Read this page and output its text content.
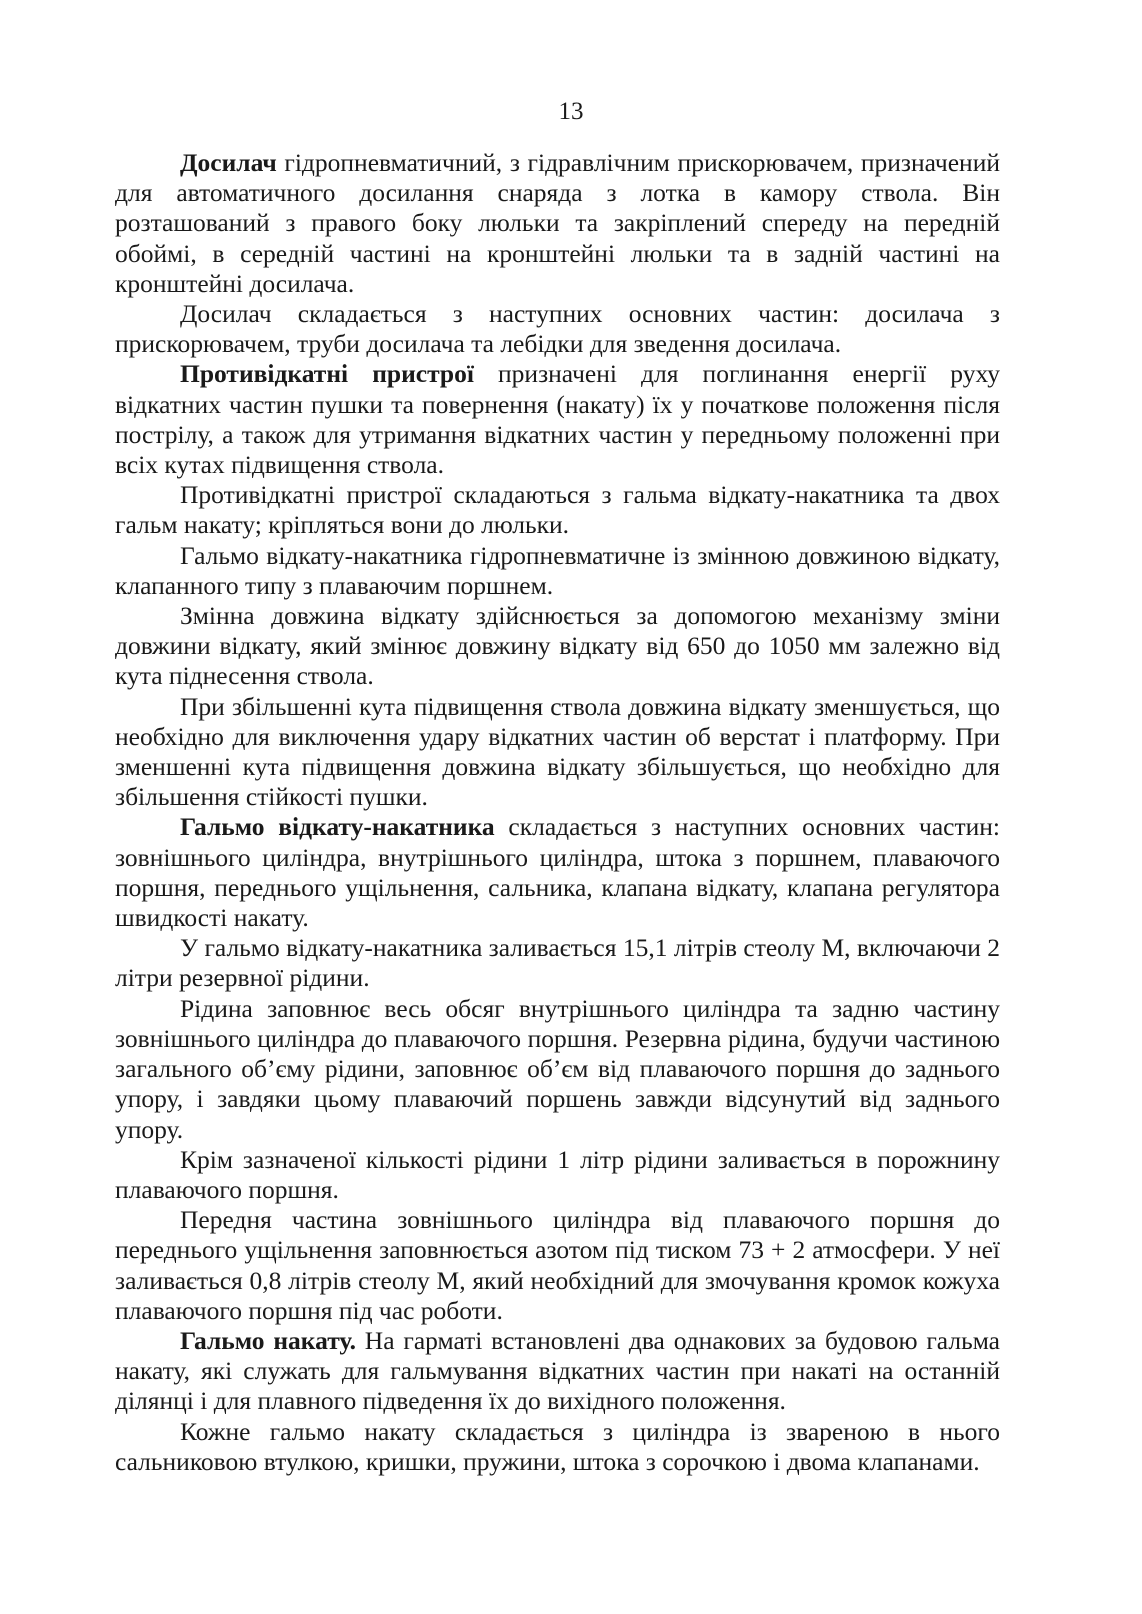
13

Досилач гідропневматичний, з гідравлічним прискорювачем, призначений для автоматичного досилання снаряда з лотка в камору ствола. Він розташований з правого боку люльки та закріплений спереду на передній обоймі, в середній частині на кронштейні люльки та в задній частині на кронштейні досилача.

Досилач складається з наступних основних частин: досилача з прискорювачем, труби досилача та лебідки для зведення досилача.

Противідкатні пристрої призначені для поглинання енергії руху відкатних частин пушки та повернення (накату) їх у початкове положення після пострілу, а також для утримання відкатних частин у передньому положенні при всіх кутах підвищення ствола.

Противідкатні пристрої складаються з гальма відкату-накатника та двох гальм накату; кріпляться вони до люльки.

Гальмо відкату-накатника гідропневматичне із змінною довжиною відкату, клапанного типу з плаваючим поршнем.

Змінна довжина відкату здійснюється за допомогою механізму зміни довжини відкату, який змінює довжину відкату від 650 до 1050 мм залежно від кута піднесення ствола.

При збільшенні кута підвищення ствола довжина відкату зменшується, що необхідно для виключення удару відкатних частин об верстат і платформу. При зменшенні кута підвищення довжина відкату збільшується, що необхідно для збільшення стійкості пушки.

Гальмо відкату-накатника складається з наступних основних частин: зовнішнього циліндра, внутрішнього циліндра, штока з поршнем, плаваючого поршня, переднього ущільнення, сальника, клапана відкату, клапана регулятора швидкості накату.

У гальмо відкату-накатника заливається 15,1 літрів стеолу М, включаючи 2 літри резервної рідини.

Рідина заповнює весь обсяг внутрішнього циліндра та задню частину зовнішнього циліндра до плаваючого поршня. Резервна рідина, будучи частиною загального об’єму рідини, заповнює об’єм від плаваючого поршня до заднього упору, і завдяки цьому плаваючий поршень завжди відсунутий від заднього упору.

Крім зазначеної кількості рідини 1 літр рідини заливається в порожнину плаваючого поршня.

Передня частина зовнішнього циліндра від плаваючого поршня до переднього ущільнення заповнюється азотом під тиском 73 + 2 атмосфери. У неї заливається 0,8 літрів стеолу М, який необхідний для змочування кромок кожуха плаваючого поршня під час роботи.

Гальмо накату. На гарматі встановлені два однакових за будовою гальма накату, які служать для гальмування відкатних частин при накаті на останній ділянці і для плавного підведення їх до вихідного положення.

Кожне гальмо накату складається з циліндра із звареною в нього сальниковою втулкою, кришки, пружини, штока з сорочкою і двома клапанами.
